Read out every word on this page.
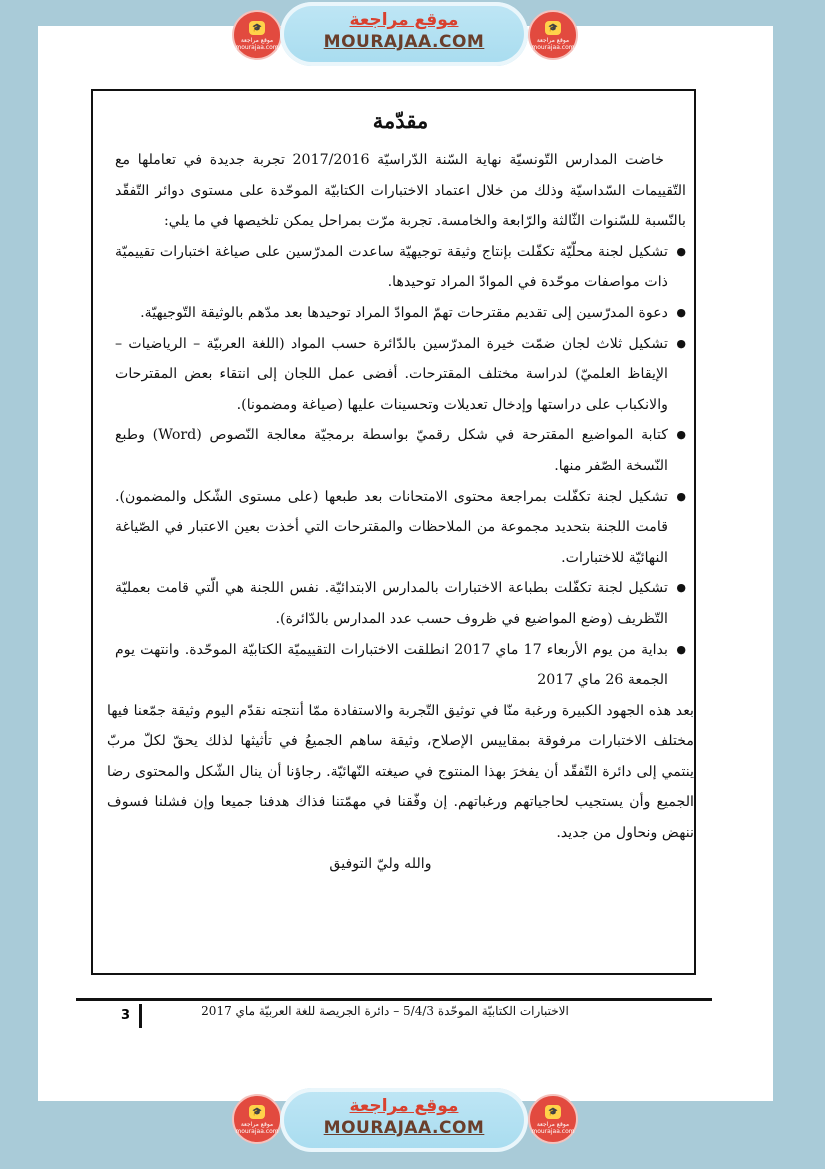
🎓
موقع مراجعة mourajaa.com
موقع مراجعة
MOURAJAA.COM
🎓
موقع مراجعة mourajaa.com
مقدّمة

خاضت المدارس التّونسيّة نهاية السّنة الدّراسيّة 2017/2016 تجربة جديدة في تعاملها مع التّقييمات السّداسيّة وذلك من خلال اعتماد الاختبارات الكتابيّة الموحّدة على مستوى دوائر التّفقّد بالنّسبة للسّنوات الثّالثة والرّابعة والخامسة. تجربة مرّت بمراحل يمكن تلخيصها في ما يلي:

●
تشكيل لجنة محلّيّة تكفّلت بإنتاج وثيقة توجيهيّة ساعدت المدرّسين على صياغة اختبارات تقييميّة ذات مواصفات موحّدة في الموادّ المراد توحيدها.
●
دعوة المدرّسين إلى تقديم مقترحات تهمّ الموادّ المراد توحيدها بعد مدّهم بالوثيقة التّوجيهيّة.
●
تشكيل ثلاث لجان ضمّت خيرة المدرّسين بالدّائرة حسب المواد (اللغة العربيّة – الرياضيات – الإيقاظ العلميّ) لدراسة مختلف المقترحات. أفضى عمل اللجان إلى انتقاء بعض المقترحات والانكباب على دراستها وإدخال تعديلات وتحسينات عليها (صياغة ومضمونا).
●
كتابة المواضيع المقترحة في شكل رقميّ بواسطة برمجيّة معالجة النّصوص (Word) وطبع النّسخة الصّفر منها.
●
تشكيل لجنة تكفّلت بمراجعة محتوى الامتحانات بعد طبعها (على مستوى الشّكل والمضمون). قامت اللجنة بتحديد مجموعة من الملاحظات والمقترحات التي أخذت بعين الاعتبار في الصّياغة النهائيّة للاختبارات.
●
تشكيل لجنة تكفّلت بطباعة الاختبارات بالمدارس الابتدائيّة. نفس اللجنة هي الّتي قامت بعمليّة التّظريف (وضع المواضيع في ظروف حسب عدد المدارس بالدّائرة).
●
بداية من يوم الأربعاء 17 ماي 2017 انطلقت الاختبارات التقييميّة الكتابيّة الموحّدة. وانتهت يوم الجمعة 26 ماي 2017

بعد هذه الجهود الكبيرة ورغبة منّا في توثيق التّجربة والاستفادة ممّا أنتجته نقدّم اليوم وثيقة جمّعنا فيها مختلف الاختبارات مرفوقة بمقاييس الإصلاح، وثيقة ساهم الجميعُ في تأثيثها لذلك يحقّ لكلّ مربّ ينتمي إلى دائرة التّفقّد أن يفخرَ بهذا المنتوج في صيغته النّهائيّة. رجاؤنا أن ينال الشّكل والمحتوى رضا الجميع وأن يستجيب لحاجياتهم ورغباتهم. إن وفّقنا في مهمّتنا فذاك هدفنا جميعا وإن فشلنا فسوف ننهض ونحاول من جديد.

والله وليّ التوفيق

الاختبارات الكتابيّة الموحّدة 5/4/3 – دائرة الجريصة للغة العربيّة ماي 2017
3
🎓
موقع مراجعة mourajaa.com
موقع مراجعة
MOURAJAA.COM
🎓
موقع مراجعة mourajaa.com
